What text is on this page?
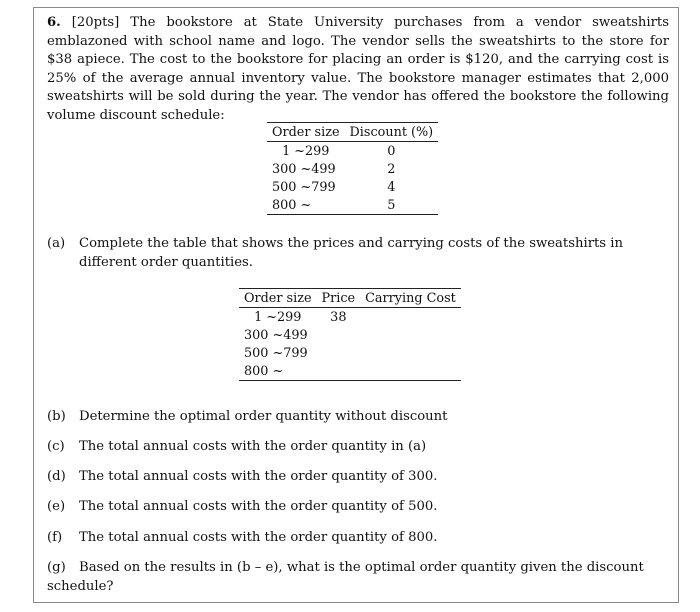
6. [20pts] The bookstore at State University purchases from a vendor sweatshirts emblazoned with school name and logo. The vendor sells the sweatshirts to the store for $38 apiece. The cost to the bookstore for placing an order is $120, and the carrying cost is 25% of the average annual inventory value. The bookstore manager estimates that 2,000 sweatshirts will be sold during the year. The vendor has offered the bookstore the following volume discount schedule:
Order size	Discount (%)
1 ~299	0
300 ~499	2
500 ~799	4
800 ~	5
(a) Complete the table that shows the prices and carrying costs of the sweatshirts in different order quantities.
Order size	Price	Carrying Cost
1 ~299	38	
300 ~499		
500 ~799		
800 ~		
(b) Determine the optimal order quantity without discount
(c) The total annual costs with the order quantity in (a)
(d) The total annual costs with the order quantity of 300.
(e) The total annual costs with the order quantity of 500.
(f) The total annual costs with the order quantity of 800.
(g) Based on the results in (b – e), what is the optimal order quantity given the discount schedule?
